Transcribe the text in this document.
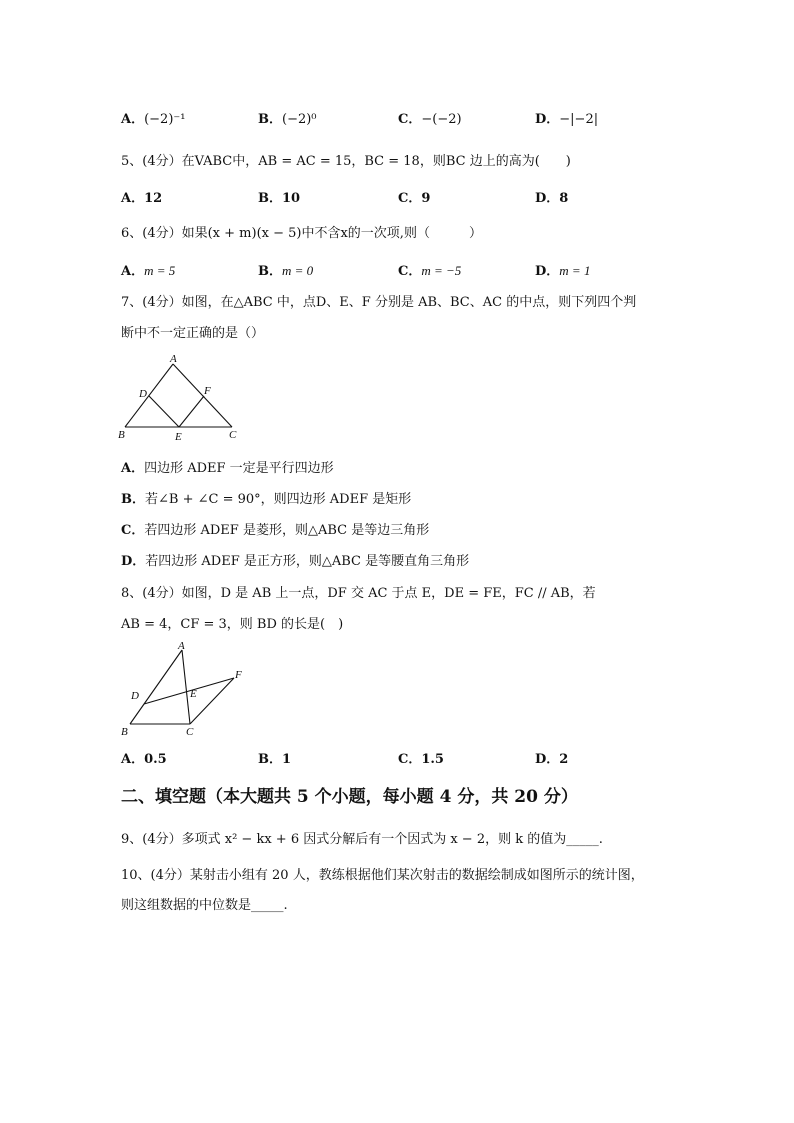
A．(−2)⁻¹	B．(−2)⁰	C．−(−2)	D．−|−2|
5、(4分）在VABC中，AB = AC = 15，BC = 18，则BC 边上的高为(　　)
A．12	B．10	C．9	D．8
6、(4分）如果(x + m)(x − 5)中不含x的一次项,则（　　　）
A．m = 5	B．m = 0	C．m = −5	D．m = 1
7、(4分）如图，在△ABC 中，点D、E、F 分别是 AB、BC、AC 的中点，则下列四个判
断中不一定正确的是（）
A
D	F
B	E	C
A．四边形 ADEF 一定是平行四边形
B．若∠B + ∠C = 90°，则四边形 ADEF 是矩形
C．若四边形 ADEF 是菱形，则△ABC 是等边三角形
D．若四边形 ADEF 是正方形，则△ABC 是等腰直角三角形
8、(4分）如图，D 是 AB 上一点，DF 交 AC 于点 E，DE = FE，FC // AB，若
AB = 4，CF = 3，则 BD 的长是(　)
A
D	E
F
B	C
A．0.5	B．1	C．1.5	D．2
二、填空题（本大题共 5 个小题，每小题 4 分，共 20 分）
9、(4分）多项式 x² − kx + 6 因式分解后有一个因式为 x − 2，则 k 的值为_____.
10、(4分）某射击小组有 20 人，教练根据他们某次射击的数据绘制成如图所示的统计图，
则这组数据的中位数是_____.
